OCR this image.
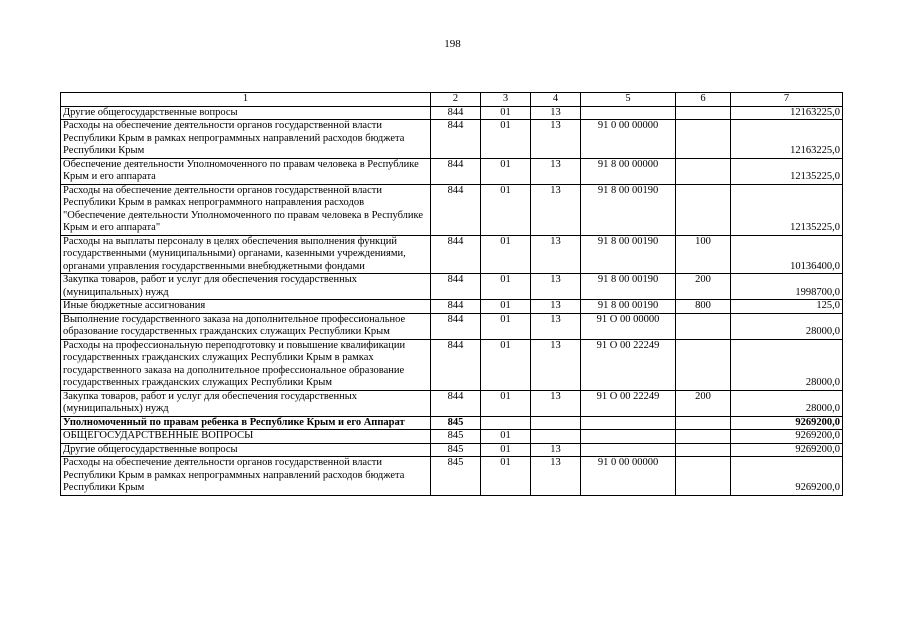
198
1	2	3	4	5	6	7
Другие общегосударственные вопросы	844	01	13			12163225,0
Расходы на обеспечение деятельности органов государственной власти Республики Крым в рамках непрограммных направлений расходов бюджета Республики Крым	844	01	13	91 0 00 00000		12163225,0
Обеспечение деятельности Уполномоченного по правам человека в Республике Крым и его аппарата	844	01	13	91 8 00 00000		12135225,0
Расходы на обеспечение деятельности органов государственной власти Республики Крым в рамках непрограммного направления расходов "Обеспечение деятельности Уполномоченного по правам человека в Республике Крым и его аппарата"	844	01	13	91 8 00 00190		12135225,0
Расходы на выплаты персоналу в целях обеспечения выполнения функций государственными (муниципальными) органами, казенными учреждениями, органами управления государственными внебюджетными фондами	844	01	13	91 8 00 00190	100	10136400,0
Закупка товаров, работ и услуг для обеспечения государственных (муниципальных) нужд	844	01	13	91 8 00 00190	200	1998700,0
Иные бюджетные ассигнования	844	01	13	91 8 00 00190	800	125,0
Выполнение государственного заказа на дополнительное профессиональное образование государственных гражданских служащих Республики Крым	844	01	13	91 О 00 00000		28000,0
Расходы на профессиональную переподготовку и повышение квалификации государственных гражданских служащих Республики Крым в рамках государственного заказа на дополнительное профессиональное образование государственных гражданских служащих Республики Крым	844	01	13	91 О 00 22249		28000,0
Закупка товаров, работ и услуг для обеспечения государственных (муниципальных) нужд	844	01	13	91 О 00 22249	200	28000,0
Уполномоченный по правам ребенка в Республике Крым и его Аппарат	845					9269200,0
ОБЩЕГОСУДАРСТВЕННЫЕ ВОПРОСЫ	845	01				9269200,0
Другие общегосударственные вопросы	845	01	13			9269200,0
Расходы на обеспечение деятельности органов государственной власти Республики Крым в рамках непрограммных направлений расходов бюджета Республики Крым	845	01	13	91 0 00 00000		9269200,0
